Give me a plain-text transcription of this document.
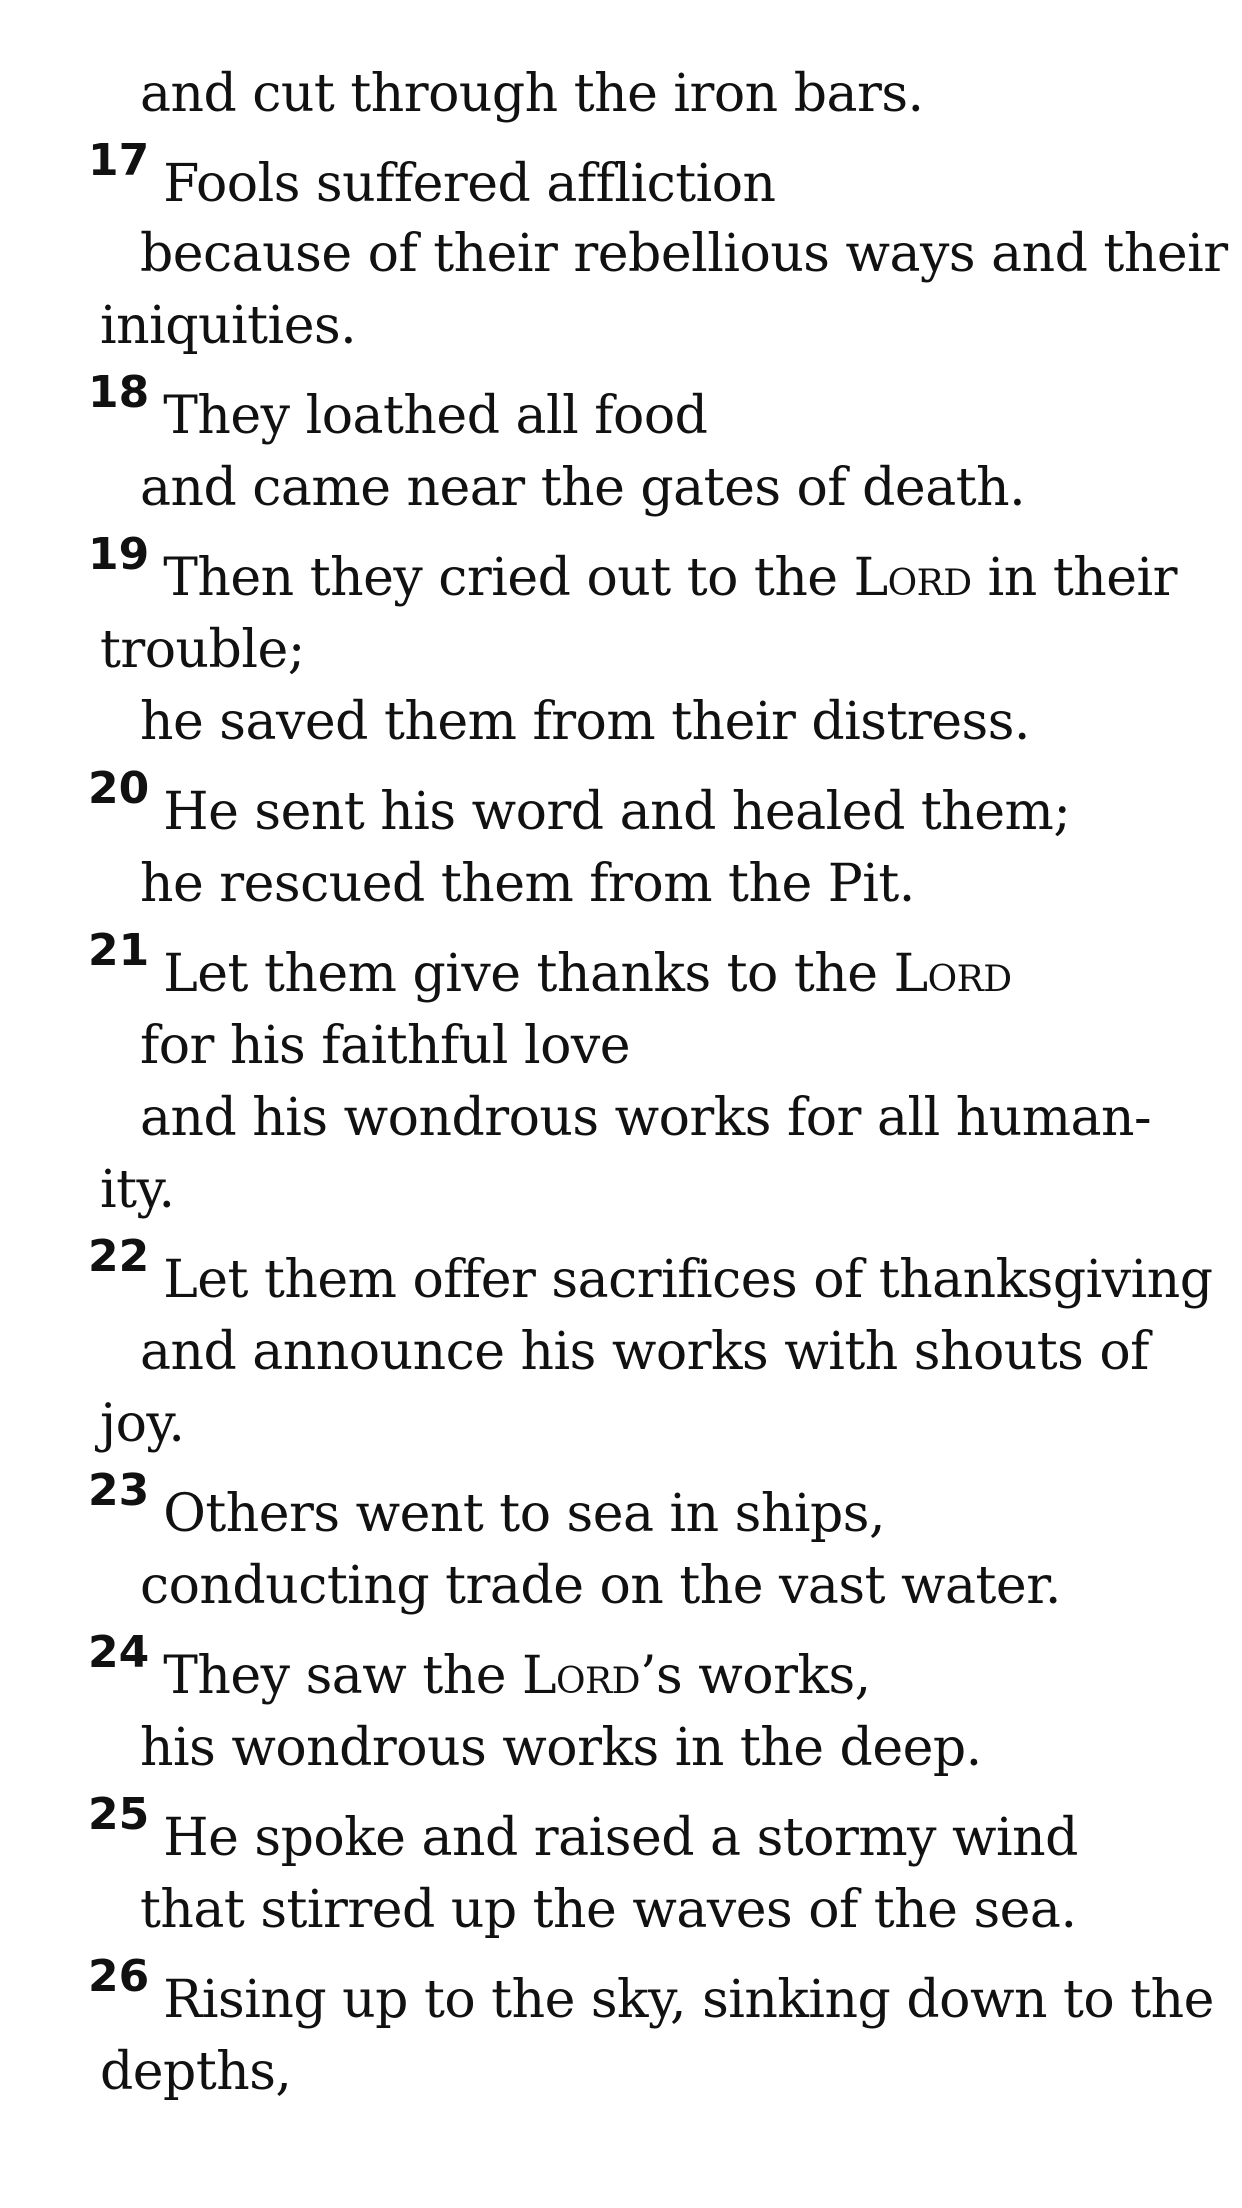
and cut through the iron bars.
$^{17}$ Fools suffered affliction
because of their rebellious ways and their
iniquities.
$^{18}$ They loathed all food
and came near the gates of death.
$^{19}$ Then they cried out to the Lord in their
trouble;
he saved them from their distress.
$^{20}$ He sent his word and healed them;
he rescued them from the Pit.
$^{21}$ Let them give thanks to the Lord
for his faithful love
and his wondrous works for all human-
ity.
$^{22}$ Let them offer sacrifices of thanksgiving
and announce his works with shouts of
joy.
$^{23}$ Others went to sea in ships,
conducting trade on the vast water.
$^{24}$ They saw the Lord’s works,
his wondrous works in the deep.
$^{25}$ He spoke and raised a stormy wind
that stirred up the waves of the sea.
$^{26}$ Rising up to the sky, sinking down to the
depths,
